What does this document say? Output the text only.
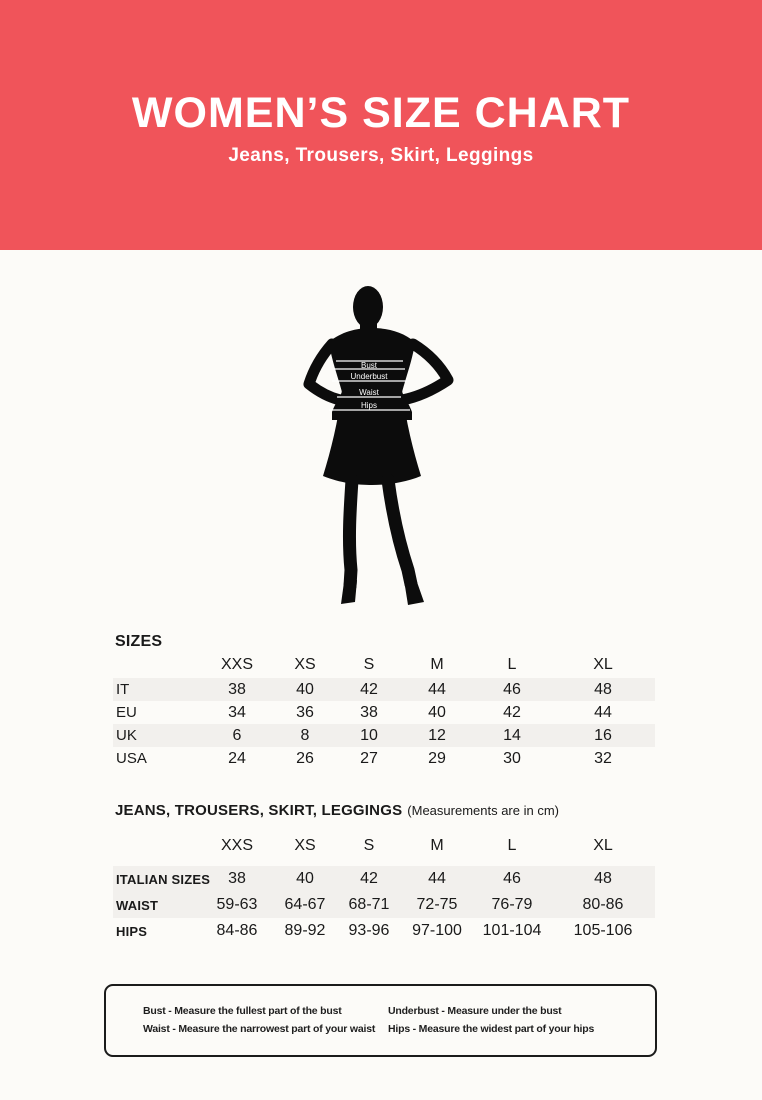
WOMEN’S SIZE CHART

Jeans, Trousers, Skirt, Leggings

Bust
Underbust
Waist
Hips
SIZES
	XXS	XS	S	M	L	XL
IT	38	40	42	44	46	48
EU	34	36	38	40	42	44
UK	6	8	10	12	14	16
USA	24	26	27	29	30	32
JEANS, TROUSERS, SKIRT, LEGGINGS (Measurements are in cm)
	XXS	XS	S	M	L	XL
ITALIAN SIZES	38	40	42	44	46	48
WAIST	59-63	64-67	68-71	72-75	76-79	80-86
HIPS	84-86	89-92	93-96	97-100	101-104	105-106
Bust - Measure the fullest part of the bust
Waist - Measure the narrowest part of your waist
Underbust - Measure under the bust
Hips - Measure the widest part of your hips
